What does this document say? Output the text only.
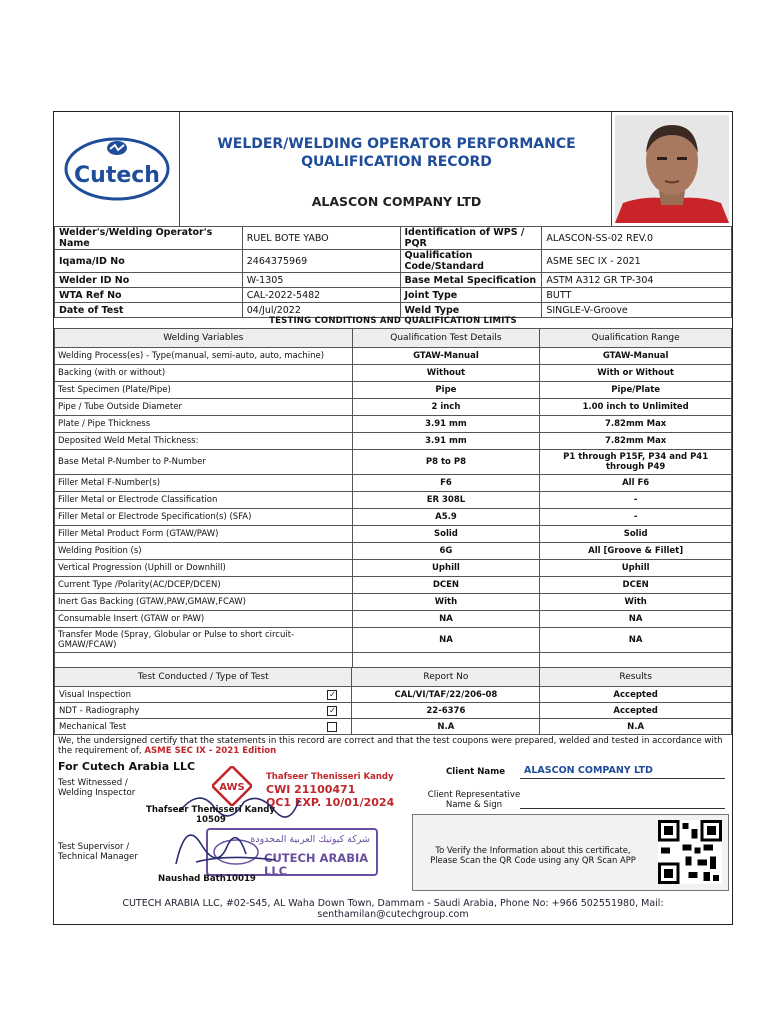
Cutech
WELDER/WELDING OPERATOR PERFORMANCE
QUALIFICATION RECORD
ALASCON COMPANY LTD
Welder's/Welding Operator's Name	RUEL BOTE YABO	Identification of WPS / PQR	ALASCON-SS-02 REV.0
Iqama/ID No	2464375969	Qualification Code/Standard	ASME SEC IX - 2021
Welder ID No	W-1305	Base Metal Specification	ASTM A312 GR TP-304
WTA Ref No	CAL-2022-5482	Joint Type	BUTT
Date of Test	04/Jul/2022	Weld Type	SINGLE-V-Groove
TESTING CONDITIONS AND QUALIFICATION LIMITS
Welding Variables	Qualification Test Details	Qualification Range
Welding Process(es) - Type(manual, semi-auto, auto, machine)	GTAW-Manual	GTAW-Manual
Backing (with or without)	Without	With or Without
Test Specimen (Plate/Pipe)	Pipe	Pipe/Plate
Pipe / Tube Outside Diameter	2 inch	1.00 inch to Unlimited
Plate / Pipe Thickness	3.91 mm	7.82mm Max
Deposited Weld Metal Thickness:	3.91 mm	7.82mm Max
Base Metal P-Number to P-Number	P8 to P8	P1 through P15F, P34 and P41 through P49
Filler Metal F-Number(s)	F6	All F6
Filler Metal or Electrode Classification	ER 308L	-
Filler Metal or Electrode Specification(s) (SFA)	A5.9	-
Filler Metal Product Form (GTAW/PAW)	Solid	Solid
Welding Position (s)	6G	All [Groove & Fillet]
Vertical Progression (Uphill or Downhill)	Uphill	Uphill
Current Type /Polarity(AC/DCEP/DCEN)	DCEN	DCEN
Inert Gas Backing (GTAW,PAW,GMAW,FCAW)	With	With
Consumable Insert (GTAW or PAW)	NA	NA
Transfer Mode (Spray, Globular or Pulse to short circuit- GMAW/FCAW)	NA	NA

Test Conducted / Type of Test	Report No	Results
Visual Inspection ✓	CAL/VI/TAF/22/206-08	Accepted
NDT - Radiography ✓	22-6376	Accepted
Mechanical Test	N.A	N.A
We, the undersigned certify that the statements in this record are correct and that the test coupons were prepared, welded and tested in accordance with the requirement of, ASME SEC IX - 2021 Edition
For Cutech Arabia LLC
Test Witnessed / Welding Inspector	AWS
Thafseer Thenisseri Kandy
CWI 21100471
QC1 EXP. 10/01/2024
Thafseer Thenisseri Kandy
10509
Test Supervisor / Technical Manager
شركة كيوتيك العربية المحدودة
CUTECH ARABIA LLC
Naushad Bath 10019
Client Name ALASCON COMPANY LTD
Client Representative Name & Sign
To Verify the Information about this certificate, Please Scan the QR Code using any QR Scan APP
CUTECH ARABIA LLC, #02-S45, AL Waha Down Town, Dammam - Saudi Arabia, Phone No: +966 502551980, Mail: senthamilan@cutechgroup.com
